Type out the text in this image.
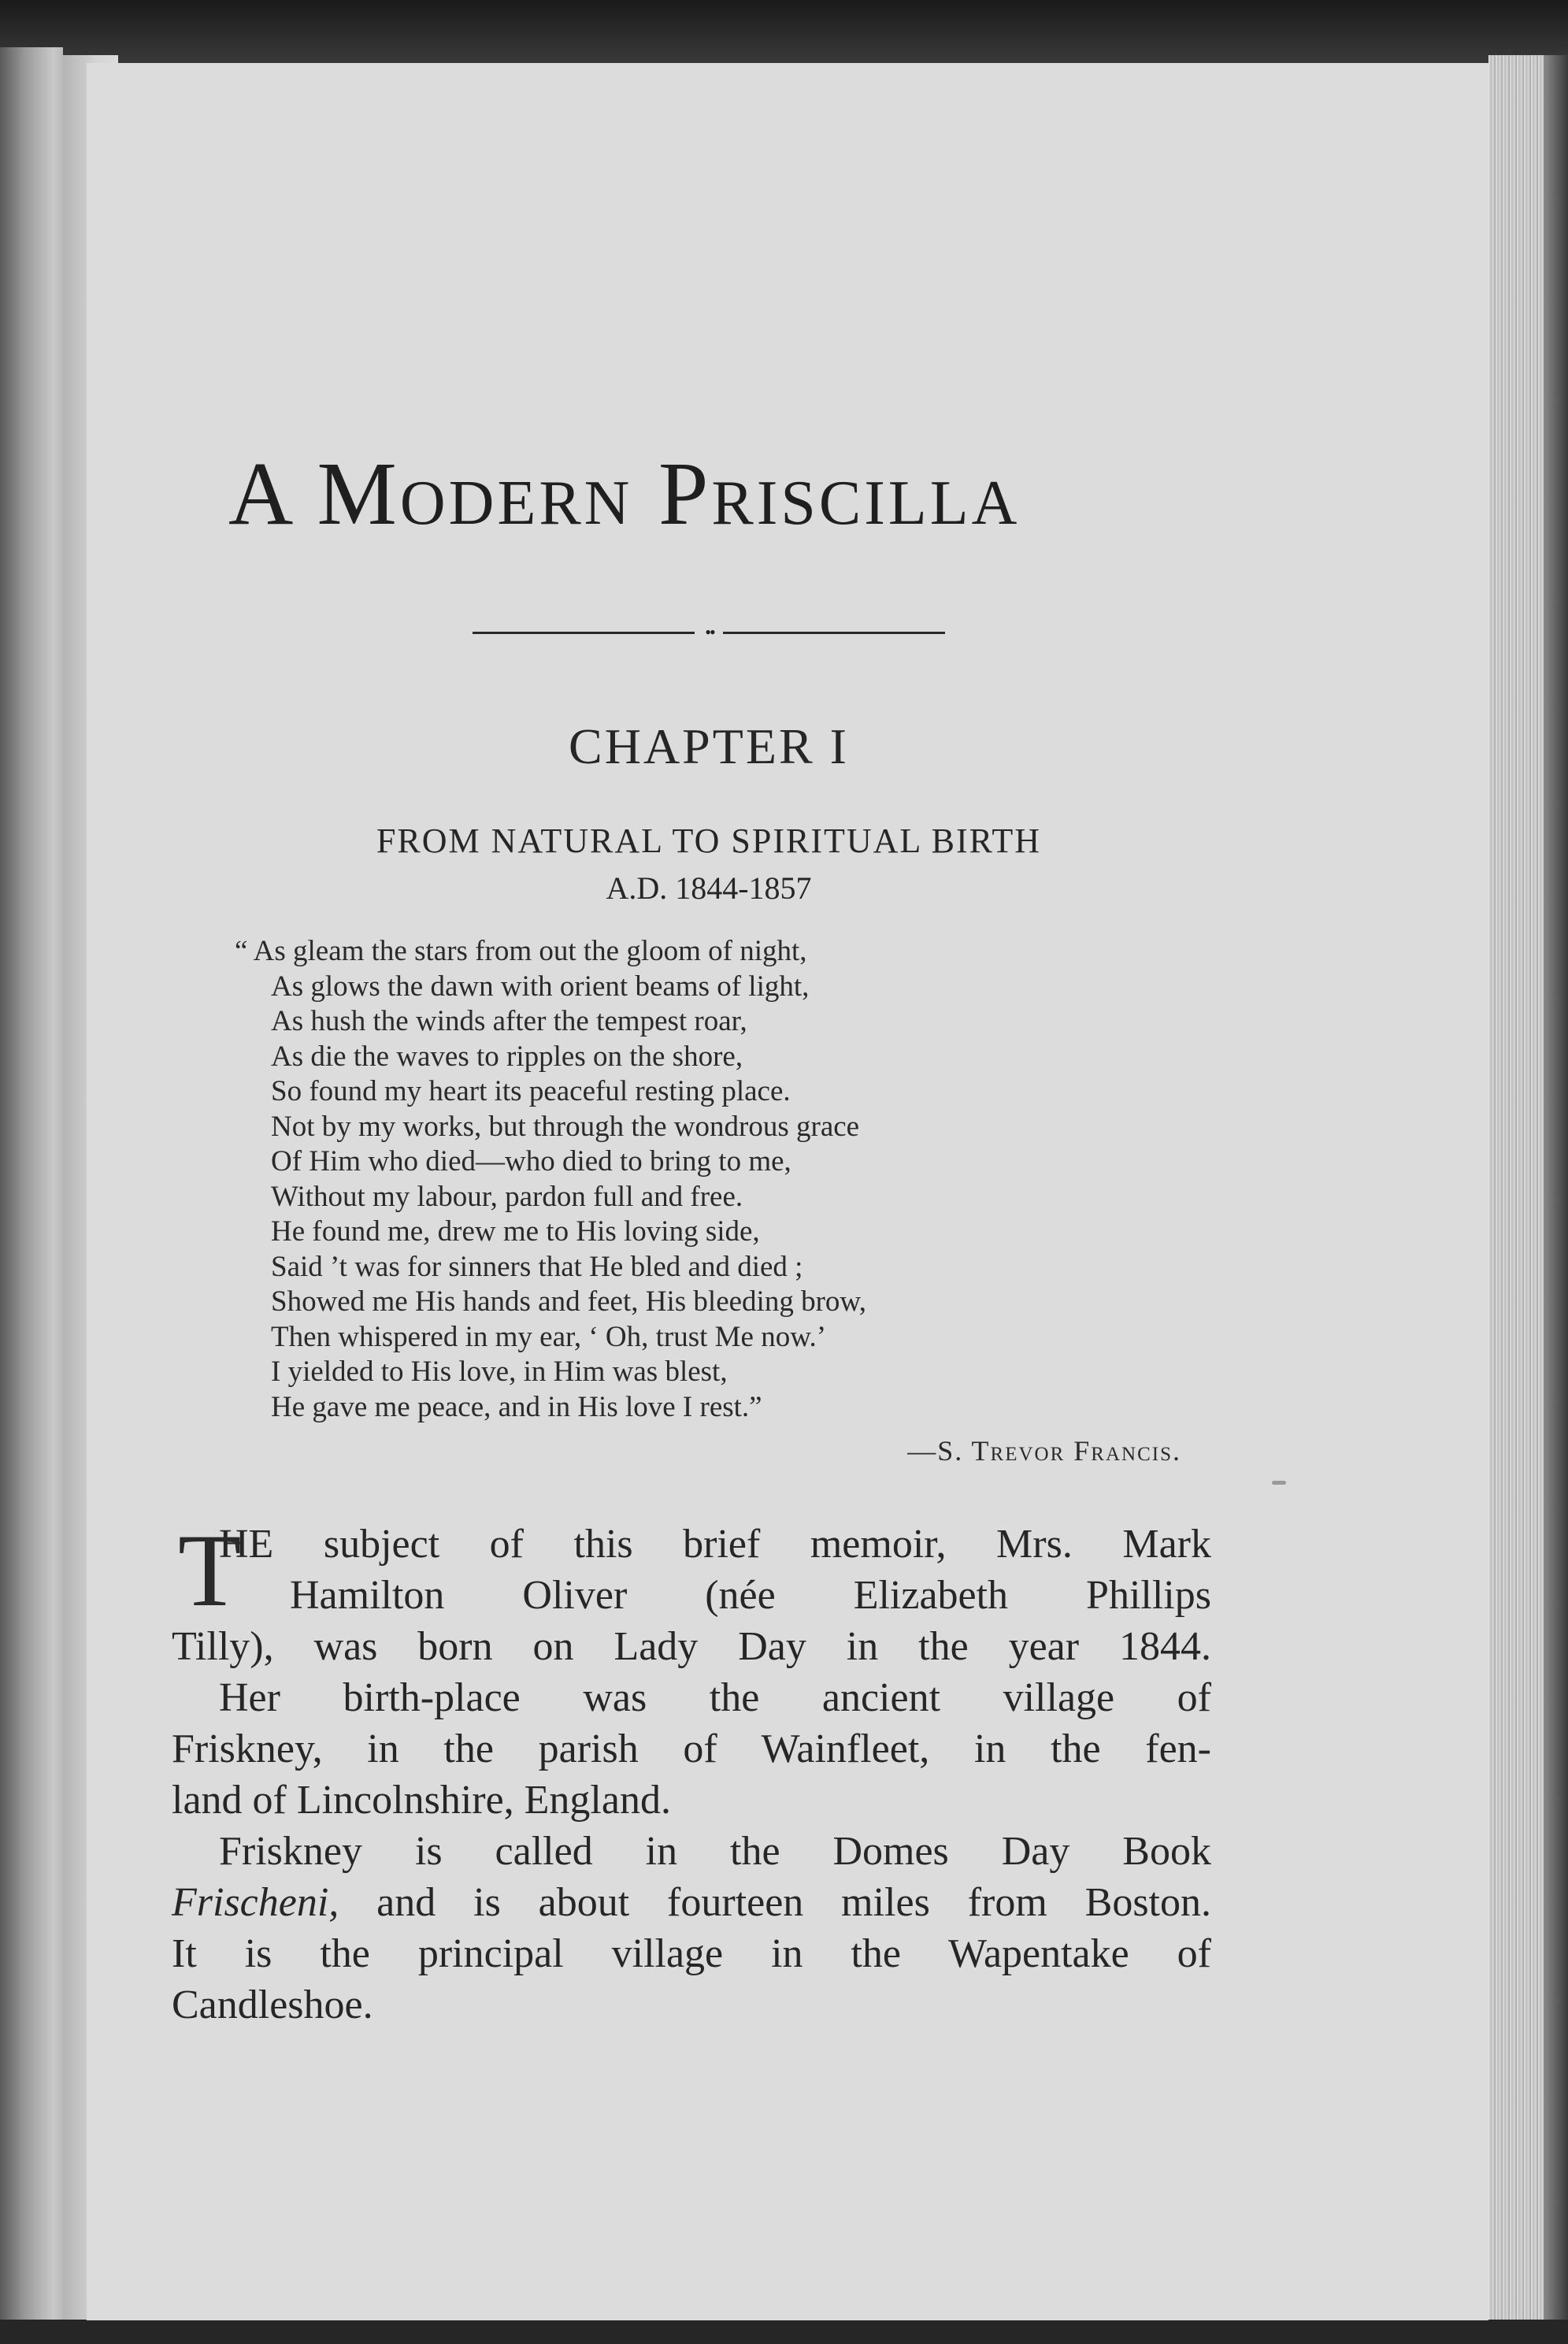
A Modern Priscilla
••
CHAPTER I
FROM NATURAL TO SPIRITUAL BIRTH
A.D. 1844-1857
“ As gleam the stars from out the gloom of night,
As glows the dawn with orient beams of light,
As hush the winds after the tempest roar,
As die the waves to ripples on the shore,
So found my heart its peaceful resting place.
Not by my works, but through the wondrous grace
Of Him who died—who died to bring to me,
Without my labour, pardon full and free.
He found me, drew me to His loving side,
Said ’t was for sinners that He bled and died ;
Showed me His hands and feet, His bleeding brow,
Then whispered in my ear, ‘ Oh, trust Me now.’
I yielded to His love, in Him was blest,
He gave me peace, and in His love I rest.”
—S. Trevor Francis.
T
HE subject of this brief memoir, Mrs. Mark
Hamilton Oliver (née Elizabeth Phillips
Tilly), was born on Lady Day in the year 1844.
Her birth-place was the ancient village of
Friskney, in the parish of Wainfleet, in the fen-
land of Lincolnshire, England.
Friskney is called in the Domes Day Book
Frischeni, and is about fourteen miles from Boston.
It is the principal village in the Wapentake of
Candleshoe.
